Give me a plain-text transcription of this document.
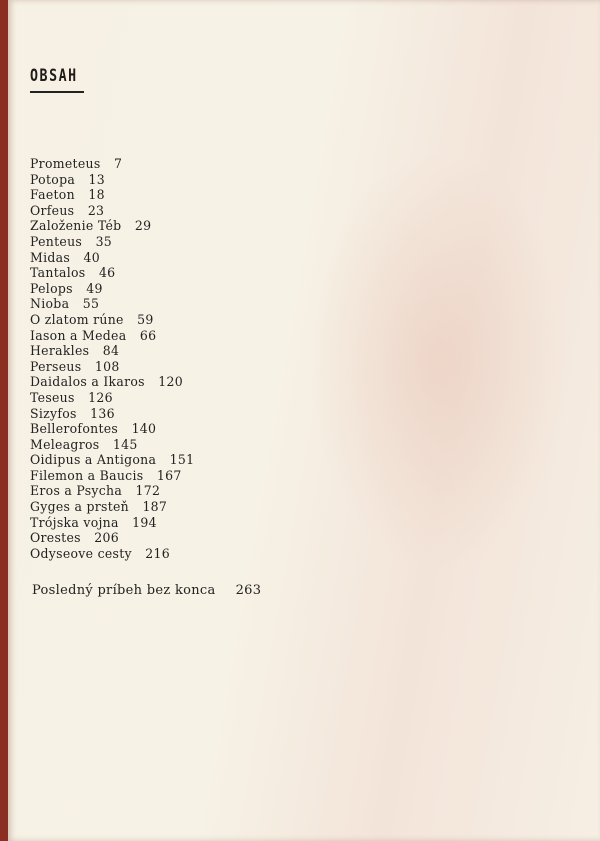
OBSAH
Prometeus 7
Potopa 13
Faeton 18
Orfeus 23
Založenie Téb 29
Penteus 35
Midas 40
Tantalos 46
Pelops 49
Nioba 55
O zlatom rúne 59
Iason a Medea 66
Herakles 84
Perseus 108
Daidalos a Ikaros 120
Teseus 126
Sizyfos 136
Bellerofontes 140
Meleagros 145
Oidipus a Antigona 151
Filemon a Baucis 167
Eros a Psycha 172
Gyges a prsteň 187
Trójska vojna 194
Orestes 206
Odyseove cesty 216
Posledný príbeh bez konca 263
